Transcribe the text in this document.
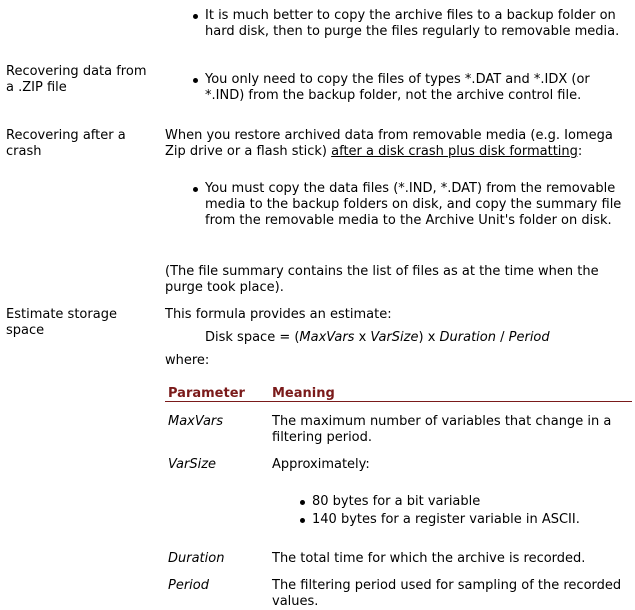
It is much better to copy the archive files to a backup folder on hard disk, then to purge the files regularly to removable media.
Recovering data from a .ZIP file
You only need to copy the files of types *.DAT and *.IDX (or *.IND) from the backup folder, not the archive control file.
Recovering after a crash
When you restore archived data from removable media (e.g. Iomega Zip drive or a flash stick) after a disk crash plus disk formatting:
You must copy the data files (*.IND, *.DAT) from the removable media to the backup folders on disk, and copy the summary file from the removable media to the Archive Unit's folder on disk.
(The file summary contains the list of files as at the time when the purge took place).
Estimate storage space
This formula provides an estimate:
Disk space = (MaxVars x VarSize) x Duration / Period
where:
Parameter Meaning
MaxVars	The maximum number of variables that change in a filtering period.
VarSize	Approximately:
80 bytes for a bit variable
140 bytes for a register variable in ASCII.
Duration	The total time for which the archive is recorded.
Period	The filtering period used for sampling of the recorded values.
